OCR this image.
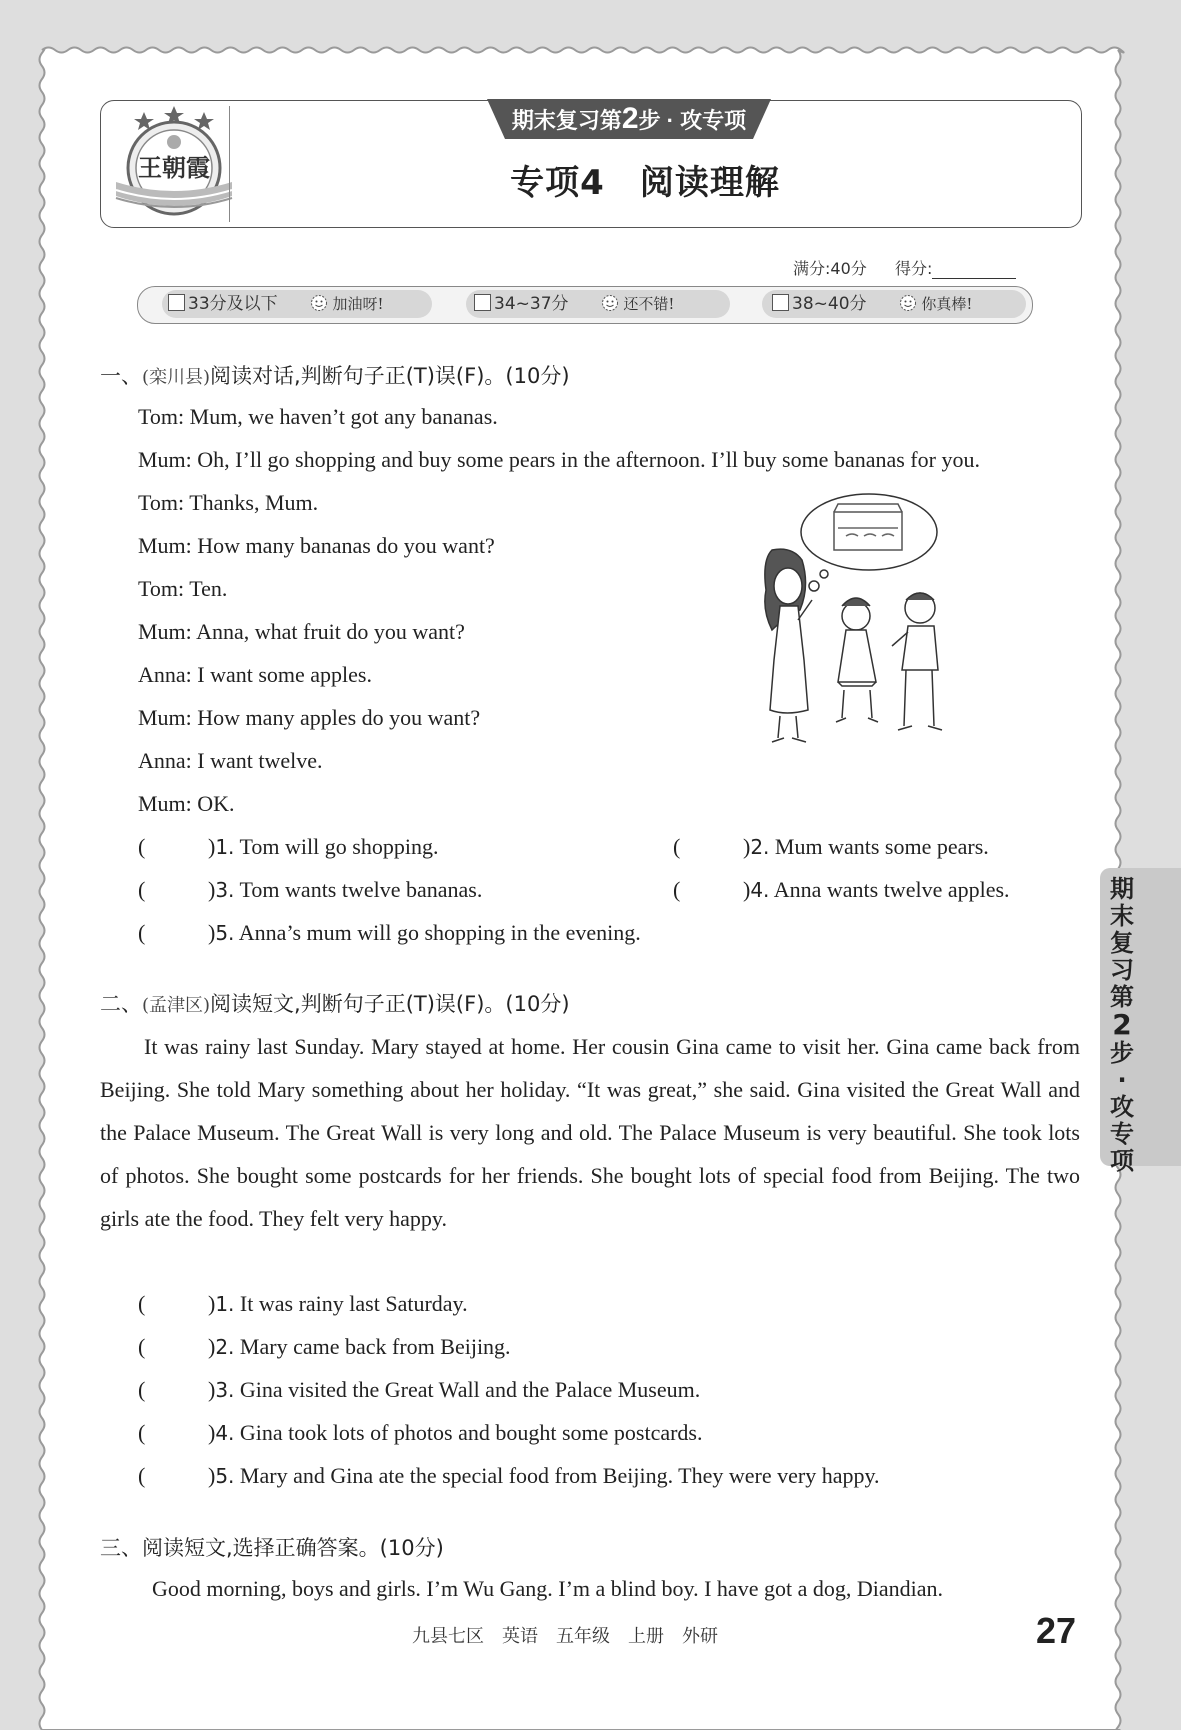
王朝霞
期末复习第2步 · 攻专项
专项4　阅读理解
满分:40分 得分:
33分及以下	加油呀!	34~37分	还不错!	38~40分	你真棒!
一、(栾川县)阅读对话,判断句子正(T)误(F)。(10分)
Tom: Mum, we haven’t got any bananas.
Mum: Oh, I’ll go shopping and buy some pears in the afternoon. I’ll buy some bananas for you.
Tom: Thanks, Mum.
Mum: How many bananas do you want?
Tom: Ten.
Mum: Anna, what fruit do you want?
Anna: I want some apples.
Mum: How many apples do you want?
Anna: I want twelve.
Mum: OK.
(	)1. Tom will go shopping.	(	)2. Mum wants some pears.
(	)3. Tom wants twelve bananas.	(	)4. Anna wants twelve apples.
(	)5. Anna’s mum will go shopping in the evening.
二、(孟津区)阅读短文,判断句子正(T)误(F)。(10分)

It was rainy last Sunday. Mary stayed at home. Her cousin Gina came to visit her. Gina came back from Beijing. She told Mary something about her holiday. “It was great,” she said. Gina visited the Great Wall and the Palace Museum. The Great Wall is very long and old. The Palace Museum is very beautiful. She took lots of photos. She bought some postcards for her friends. She bought lots of special food from Beijing. The two girls ate the food. They felt very happy.

(	)1. It was rainy last Saturday.
(	)2. Mary came back from Beijing.
(	)3. Gina visited the Great Wall and the Palace Museum.
(	)4. Gina took lots of photos and bought some postcards.
(	)5. Mary and Gina ate the special food from Beijing. They were very happy.
三、阅读短文,选择正确答案。(10分)
Good morning, boys and girls. I’m Wu Gang. I’m a blind boy. I have got a dog, Diandian.
期末复习第2步·攻专项
九县七区　英语　五年级　上册　外研	27
